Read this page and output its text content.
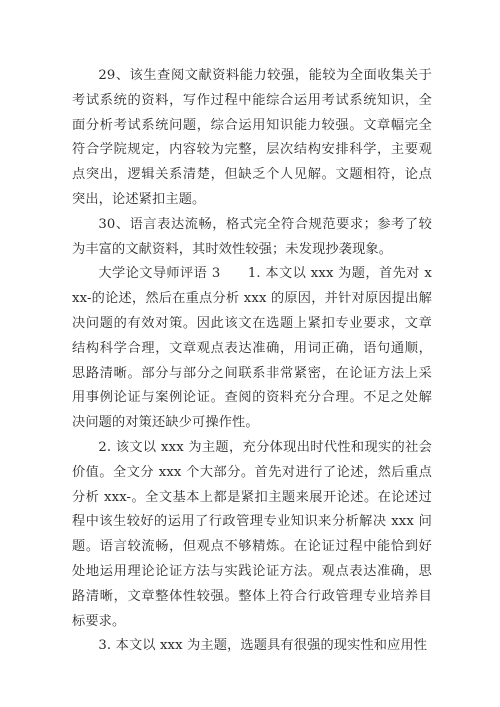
29、该生查阅文献资料能力较强，能较为全面收集关于考试系统的资料，写作过程中能综合运用考试系统知识，全面分析考试系统问题，综合运用知识能力较强。文章幅完全符合学院规定，内容较为完整，层次结构安排科学，主要观点突出，逻辑关系清楚，但缺乏个人见解。文题相符，论点突出，论述紧扣主题。

30、语言表达流畅，格式完全符合规范要求；参考了较为丰富的文献资料，其时效性较强；未发现抄袭现象。

大学论文导师评语 3　　1. 本文以 xxx 为题，首先对 xxx-的论述，然后在重点分析 xxx 的原因，并针对原因提出解决问题的有效对策。因此该文在选题上紧扣专业要求，文章结构科学合理，文章观点表达准确，用词正确，语句通顺，思路清晰。部分与部分之间联系非常紧密，在论证方法上采用事例论证与案例论证。查阅的资料充分合理。不足之处解决问题的对策还缺少可操作性。

2. 该文以 xxx 为主题，充分体现出时代性和现实的社会价值。全文分 xxx 个大部分。首先对进行了论述，然后重点分析 xxx-。全文基本上都是紧扣主题来展开论述。在论述过程中该生较好的运用了行政管理专业知识来分析解决 xxx 问题。语言较流畅，但观点不够精炼。在论证过程中能恰到好处地运用理论论证方法与实践论证方法。观点表达准确，思路清晰，文章整体性较强。整体上符合行政管理专业培养目标要求。

3. 本文以 xxx 为主题，选题具有很强的现实性和应用性
